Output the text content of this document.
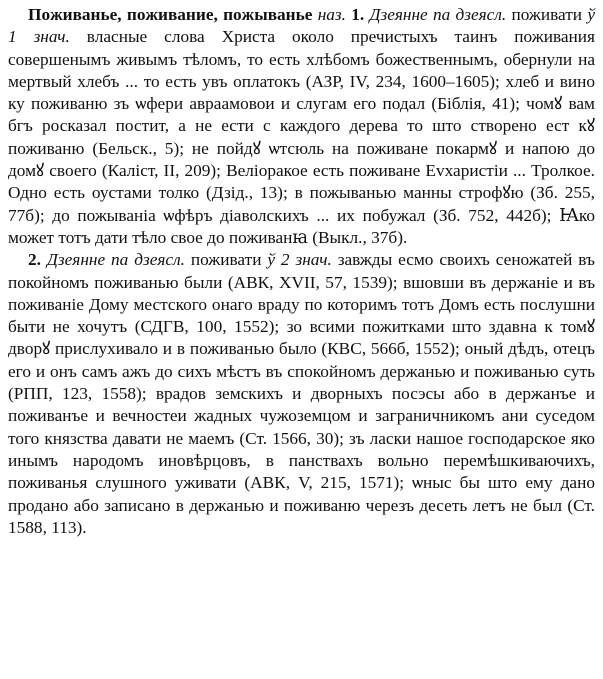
Пoживaньe, пoживaниe, пoжывaньe наз. 1. Дзеянне па дзеясл. поживати ў 1 знач. власные слова Христа около пречистыхъ таинъ поживания совершенымъ живымъ тѣломъ, то есть хлѣбомъ божественнымъ, обернули на мертвый хлебъ ... то есть увъ оплатокъ (АЗР, IV, 234, 1600–1605); хлеб и вино ку поживаню зъ ѡфери авраамовои и слугам его подал (Біблія, 41); чомꙋ вам бгъ росказал постит, а не ести с каждого дерева то што створено ест кꙋ поживаню (Бельск., 5); не пойдꙋ ѡтсюль на поживане покармꙋ и напою до домꙋ своего (Каліст, II, 209); Веліоракое есть поживане Еvхаристіи ... Тролкое. Одно есть оустами толко (Дзід., 13); в пожыванью манны строфꙋю (Зб. 255, 77б); до пожываніа ѡфѣръ діаволскихъ ... их побужал (Зб. 752, 442б); Ꙗко может тотъ дати тѣло свое до поживанꙗ (Выкл., 37б).

2. Дзеянне па дзеясл. поживати ў 2 знач. завжды есмо своихъ сеножатей въ покойномъ поживанью были (АВК, XVII, 57, 1539); вшовши въ держаніе и въ поживаніе Дому местского онаго враду по которимъ тотъ Домъ есть послушни быти не хочутъ (СДГВ, 100, 1552); зо всими пожитками што здавна к томꙋ дворꙋ прислухивало и в поживанью было (КВС, 566б, 1552); оный дѣдъ, отецъ его и онъ самъ ажъ до сихъ мѣстъ въ спокойномъ держанью и поживанью суть (РПП, 123, 1558); врадов земскихъ и дворныхъ посэсы або в держанъе и поживанъе и вечностеи жадных чужоземцом и заграничникомъ ани суседом того князства давати не маемъ (Ст. 1566, 30); зъ ласки нашое господарское яко инымъ народомъ иновѣрцовъ, в панствахъ вольно перемѣшкиваючихъ, поживанья слушного уживати (АВК, V, 215, 1571); ѡныс бы што ему дано продано або записано в держанью и поживаню черезъ десеть летъ не был (Ст. 1588, 113).
